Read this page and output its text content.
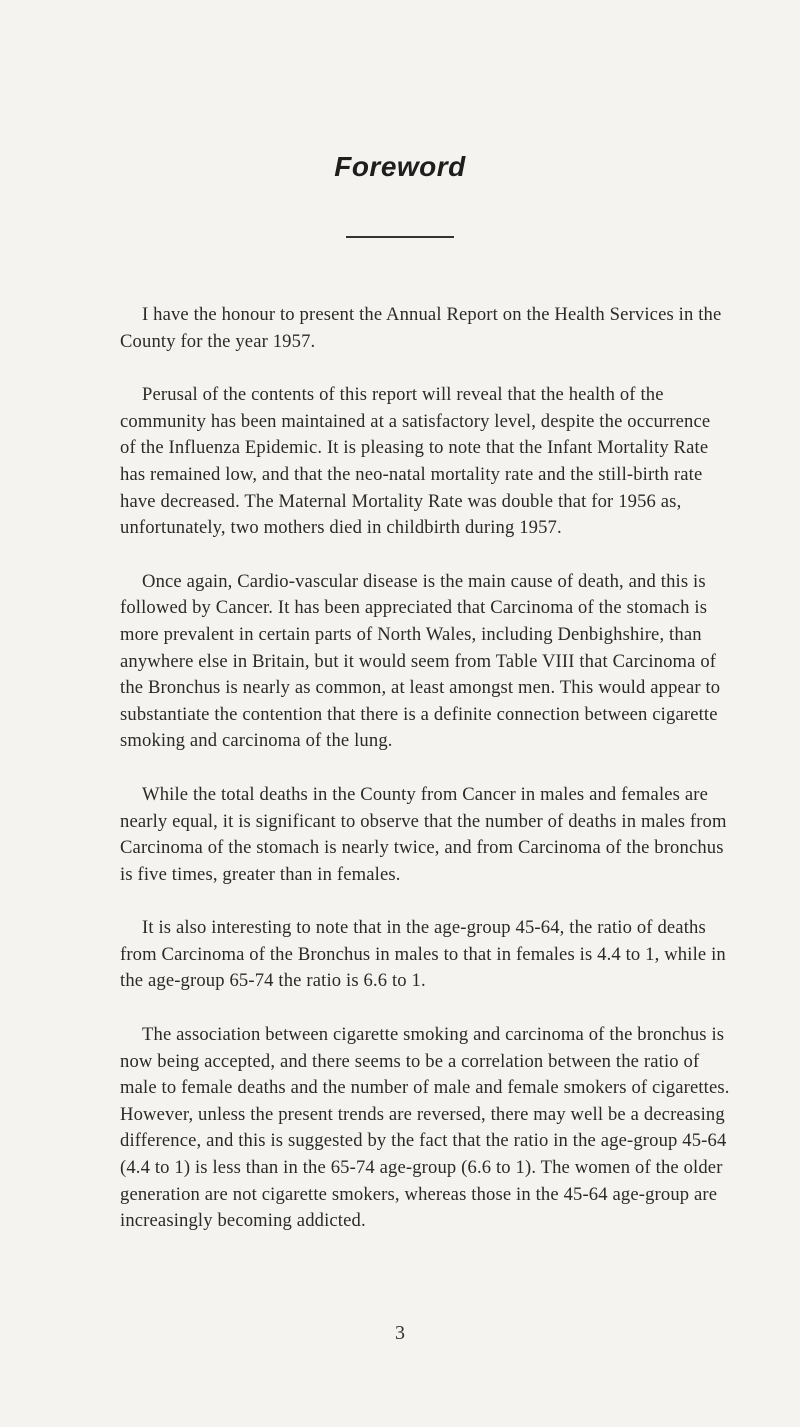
Foreword

I have the honour to present the Annual Report on the Health Services in the County for the year 1957.

Perusal of the contents of this report will reveal that the health of the community has been maintained at a satisfactory level, despite the occurrence of the Influenza Epidemic. It is pleasing to note that the Infant Mortality Rate has remained low, and that the neo-natal mortality rate and the still-birth rate have decreased. The Maternal Mortality Rate was double that for 1956 as, unfortunately, two mothers died in childbirth during 1957.

Once again, Cardio-vascular disease is the main cause of death, and this is followed by Cancer. It has been appreciated that Carcinoma of the stomach is more prevalent in certain parts of North Wales, including Denbighshire, than anywhere else in Britain, but it would seem from Table VIII that Carcinoma of the Bronchus is nearly as common, at least amongst men. This would appear to substantiate the contention that there is a definite connection between cigarette smoking and carcinoma of the lung.

While the total deaths in the County from Cancer in males and females are nearly equal, it is significant to observe that the number of deaths in males from Carcinoma of the stomach is nearly twice, and from Carcinoma of the bronchus is five times, greater than in females.

It is also interesting to note that in the age-group 45-64, the ratio of deaths from Carcinoma of the Bronchus in males to that in females is 4.4 to 1, while in the age-group 65-74 the ratio is 6.6 to 1.

The association between cigarette smoking and carcinoma of the bronchus is now being accepted, and there seems to be a correlation between the ratio of male to female deaths and the number of male and female smokers of cigarettes. However, unless the present trends are reversed, there may well be a decreasing difference, and this is suggested by the fact that the ratio in the age-group 45-64 (4.4 to 1) is less than in the 65-74 age-group (6.6 to 1). The women of the older generation are not cigarette smokers, whereas those in the 45-64 age-group are increasingly becoming addicted.

3
